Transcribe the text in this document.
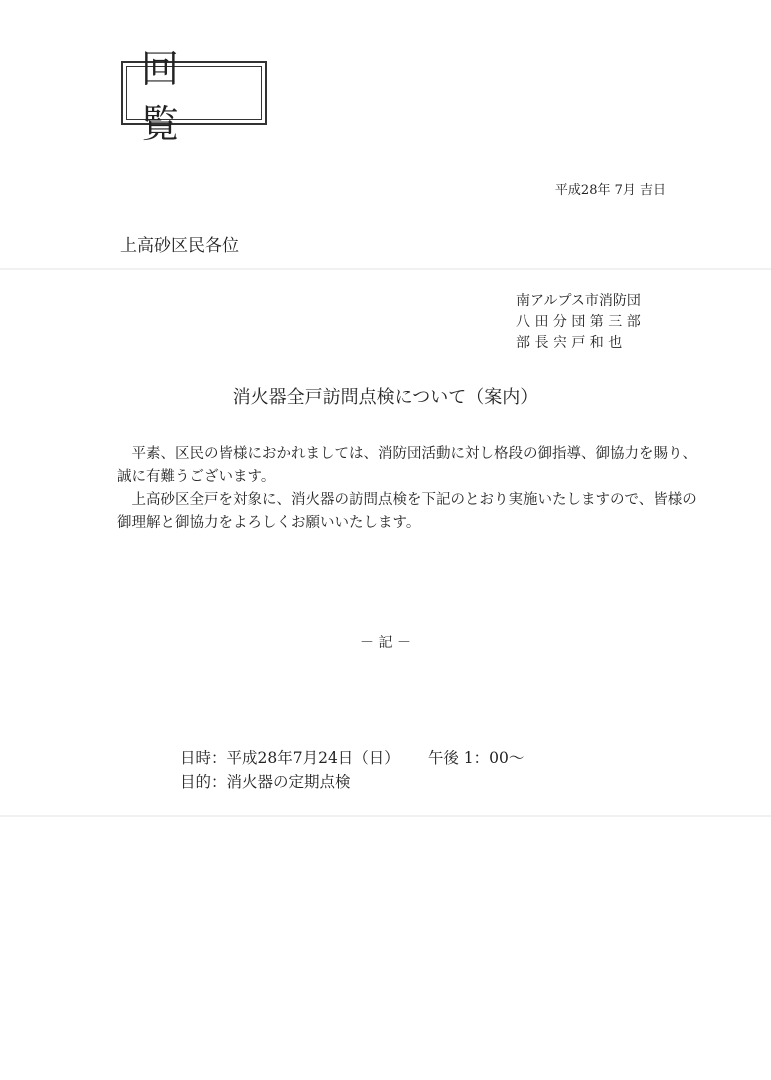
回 覧
平成28年 7月 吉日
上高砂区民各位
南アルプス市消防団
八 田 分 団 第 三 部
部 長 宍 戸 和 也
消火器全戸訪問点検について（案内）

平素、区民の皆様におかれましては、消防団活動に対し格段の御指導、御協力を賜り、誠に有難うございます。

上高砂区全戸を対象に、消火器の訪問点検を下記のとおり実施いたしますので、皆様の御理解と御協力をよろしくお願いいたします。

－ 記 －
日時：平成28年7月24日（日） 午後 1：00～
目的：消火器の定期点検
